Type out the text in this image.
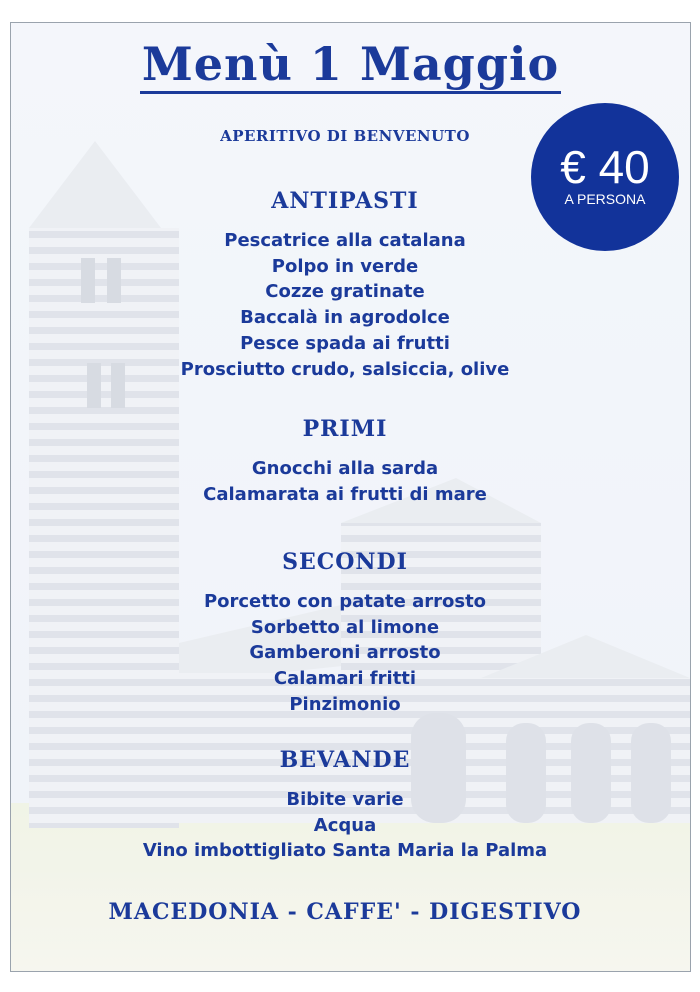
Menù 1 Maggio
APERITIVO DI BENVENUTO
€ 40
A PERSONA
ANTIPASTI
Pescatrice alla catalana
Polpo in verde
Cozze gratinate
Baccalà in agrodolce
Pesce spada ai frutti
Prosciutto crudo, salsiccia, olive
PRIMI
Gnocchi alla sarda
Calamarata ai frutti di mare
SECONDI
Porcetto con patate arrosto
Sorbetto al limone
Gamberoni arrosto
Calamari fritti
Pinzimonio
BEVANDE
Bibite varie
Acqua
Vino imbottigliato Santa Maria la Palma
MACEDONIA - CAFFE' - DIGESTIVO
